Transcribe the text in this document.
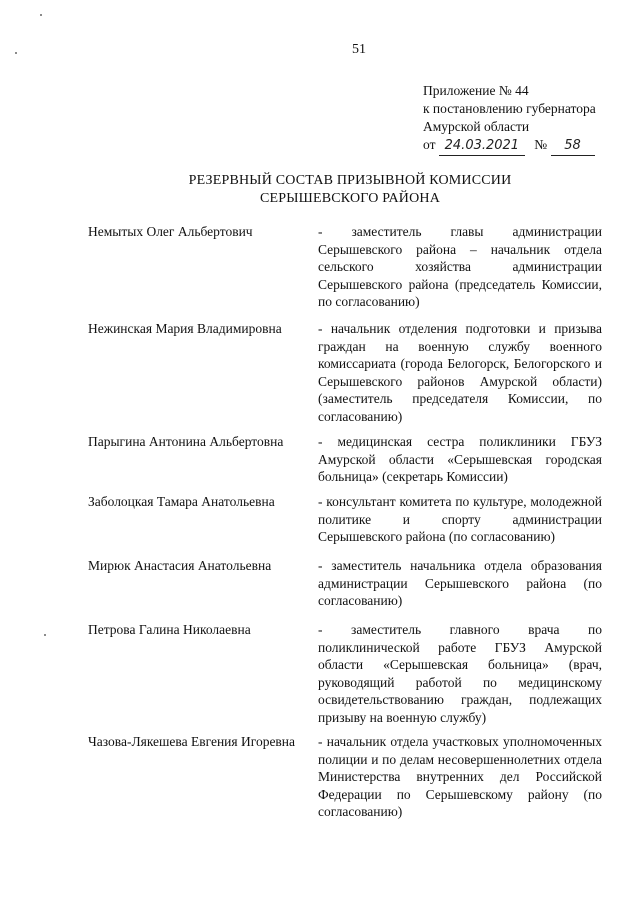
51
Приложение № 44
к постановлению губернатора
Амурской области
от 24.03.2021 № 58
РЕЗЕРВНЫЙ СОСТАВ ПРИЗЫВНОЙ КОМИССИИ
СЕРЫШЕВСКОГО РАЙОНА
Немытых Олег Альбертович	- заместитель главы администрации Серышевского района – начальник отдела сельского хозяйства администрации Серышевского района (председатель Комиссии, по согласованию)
Нежинская Мария Владимировна	- начальник отделения подготовки и призыва граждан на военную службу военного комиссариата (города Белогорск, Белогорского и Серышевского районов Амурской области) (заместитель председателя Комиссии, по согласованию)
Парыгина Антонина Альбертовна	- медицинская сестра поликлиники ГБУЗ Амурской области «Серышевская городская больница» (секретарь Комиссии)
Заболоцкая Тамара Анатольевна	- консультант комитета по культуре, молодежной политике и спорту администрации Серышевского района (по согласованию)
Мирюк Анастасия Анатольевна	- заместитель начальника отдела образования администрации Серышевского района (по согласованию)
Петрова Галина Николаевна	- заместитель главного врача по поликлинической работе ГБУЗ Амурской области «Серышевская больница» (врач, руководящий работой по медицинскому освидетельствованию граждан, подлежащих призыву на военную службу)
Чазова-Лякешева Евгения Игоревна - начальник отдела участковых уполномоченных полиции и по делам несовершеннолетних отдела Министерства внутренних дел Российской Федерации по Серышевскому району (по согласованию)
